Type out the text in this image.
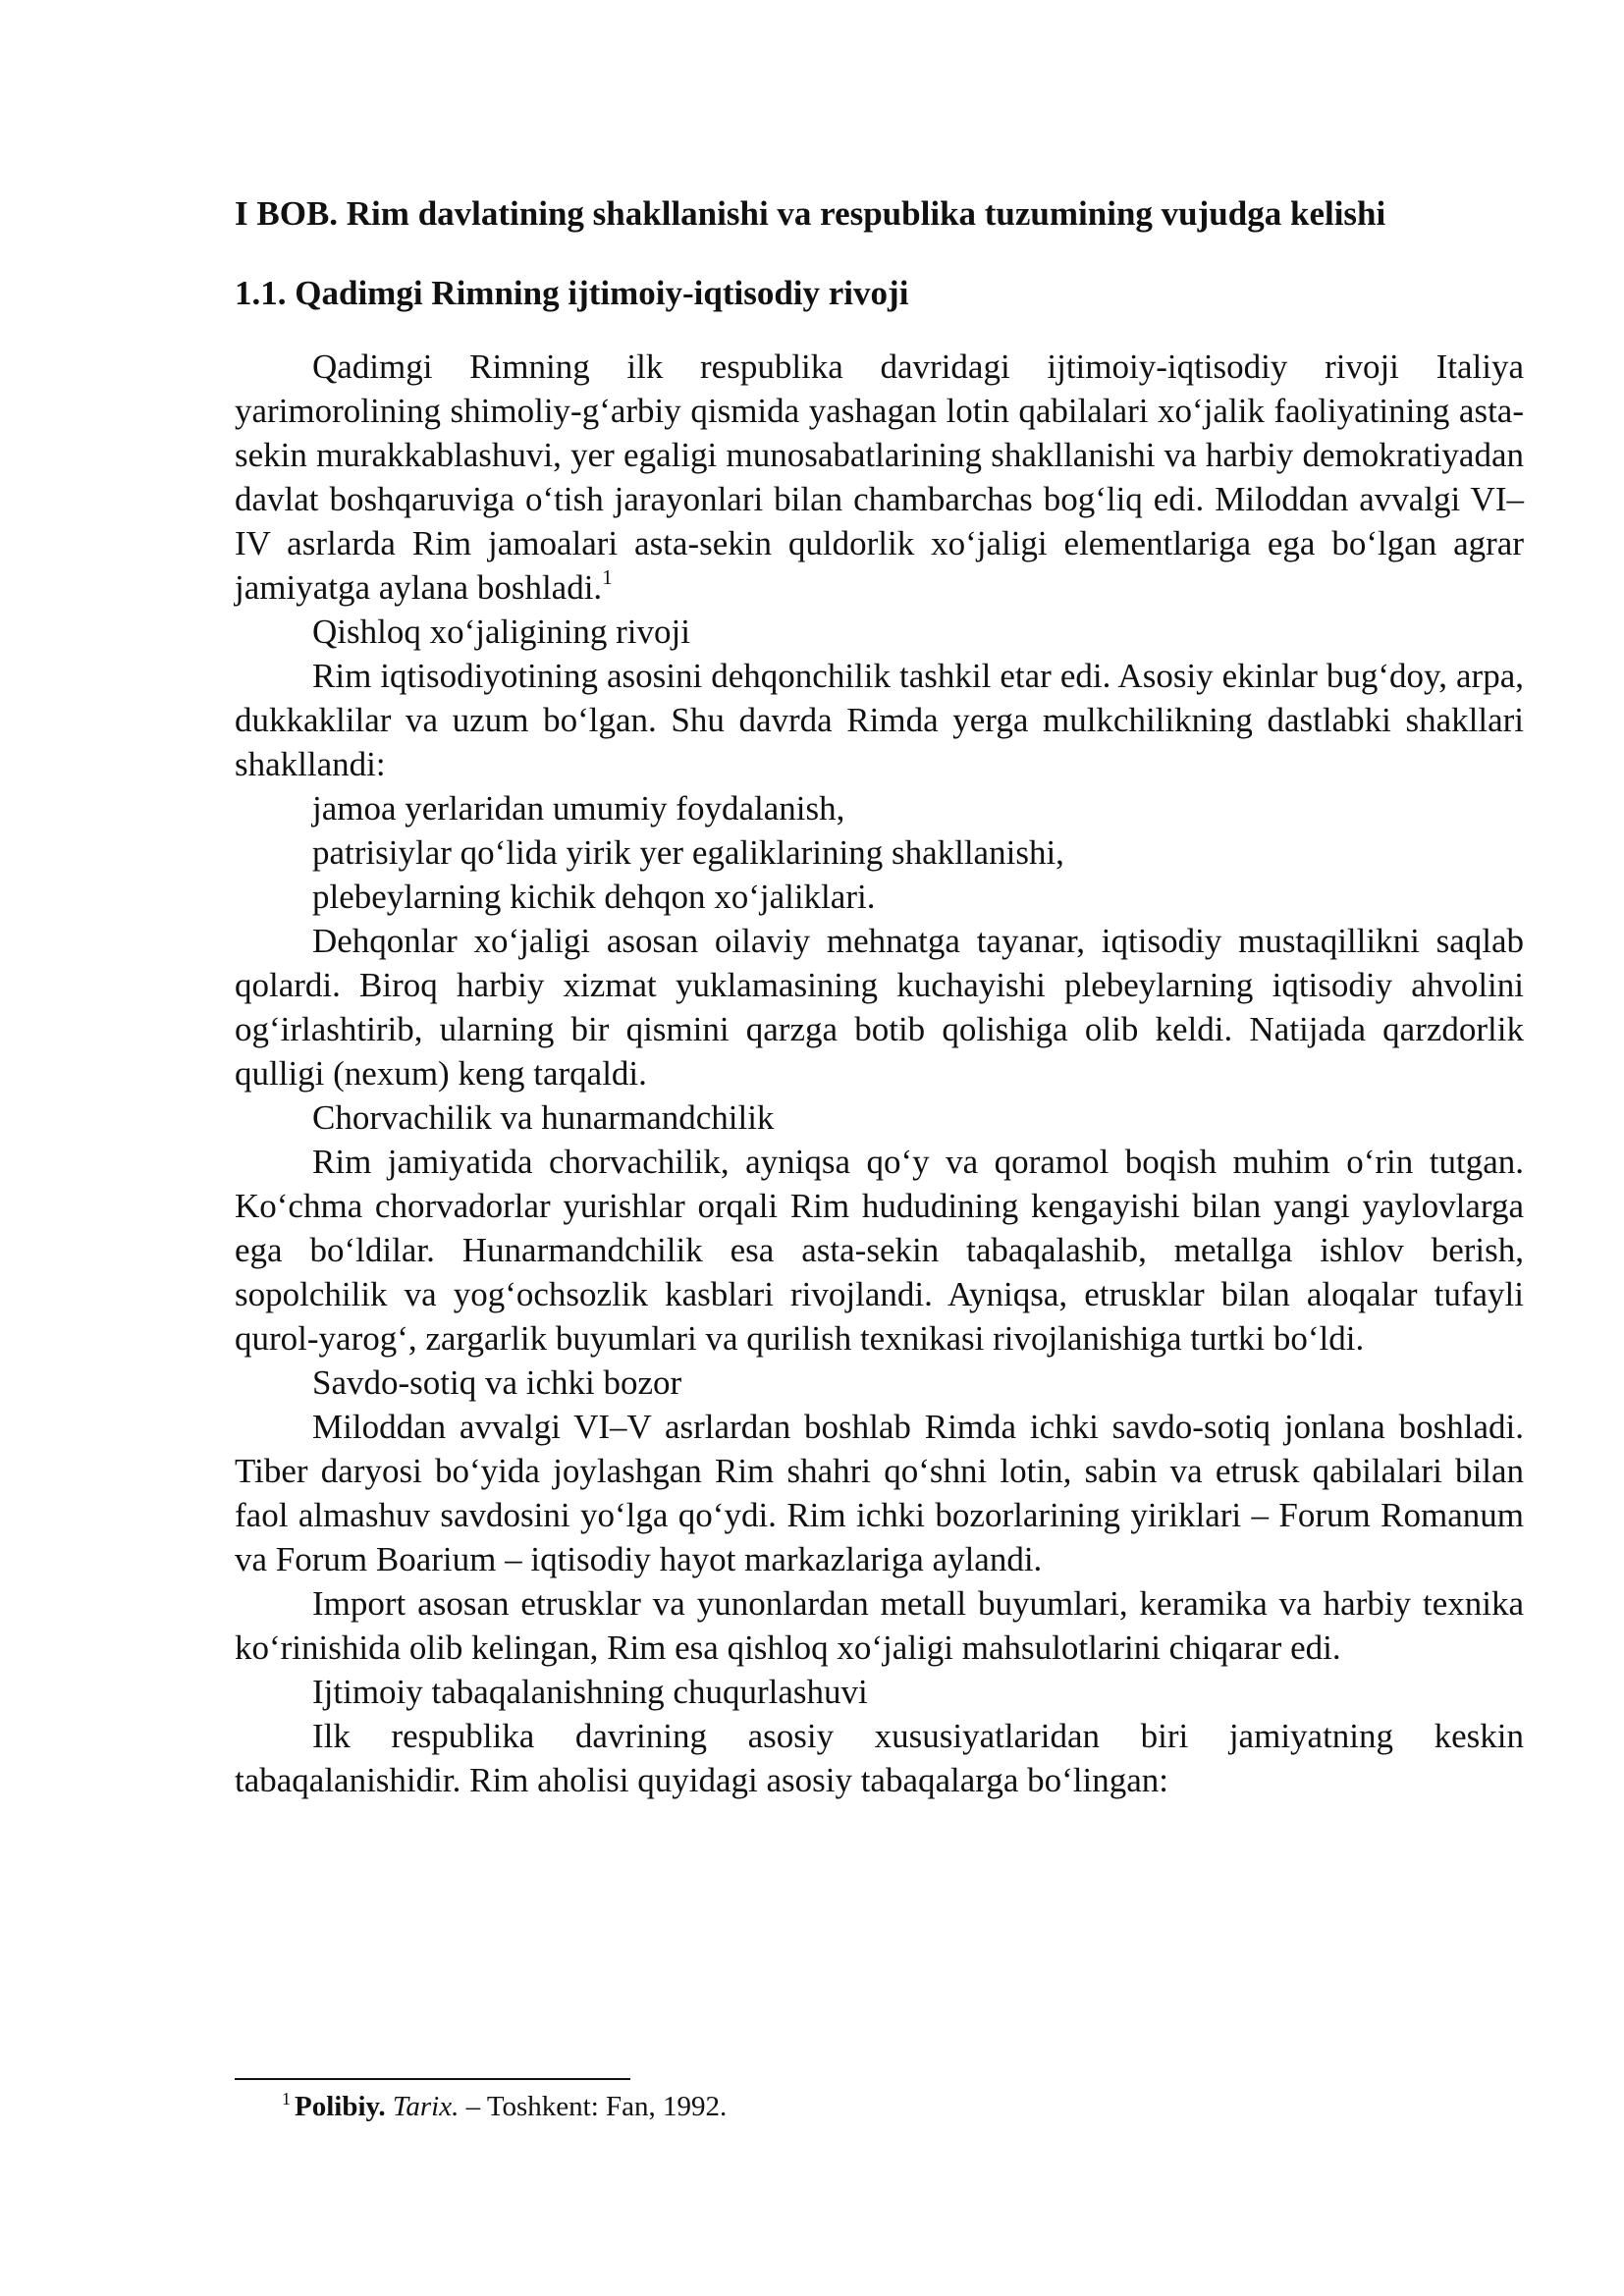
I BOB. Rim davlatining shakllanishi va respublika tuzumining vujudga kelishi

1.1. Qadimgi Rimning ijtimoiy-iqtisodiy rivoji

Qadimgi Rimning ilk respublika davridagi ijtimoiy-iqtisodiy rivoji Italiya yarimorolining shimoliy-g‘arbiy qismida yashagan lotin qabilalari xo‘jalik faoliyatining asta-sekin murakkablashuvi, yer egaligi munosabatlarining shakllanishi va harbiy demokratiyadan davlat boshqaruviga o‘tish jarayonlari bilan chambarchas bog‘liq edi. Miloddan avvalgi VI–IV asrlarda Rim jamoalari asta-sekin quldorlik xo‘jaligi elementlariga ega bo‘lgan agrar jamiyatga aylana boshladi.$^1$

Qishloq xo‘jaligining rivoji

Rim iqtisodiyotining asosini dehqonchilik tashkil etar edi. Asosiy ekinlar bug‘doy, arpa, dukkaklilar va uzum bo‘lgan. Shu davrda Rimda yerga mulkchilikning dastlabki shakllari shakllandi:

jamoa yerlaridan umumiy foydalanish,

patrisiylar qo‘lida yirik yer egaliklarining shakllanishi,

plebeylarning kichik dehqon xo‘jaliklari.

Dehqonlar xo‘jaligi asosan oilaviy mehnatga tayanar, iqtisodiy mustaqillikni saqlab qolardi. Biroq harbiy xizmat yuklamasining kuchayishi plebeylarning iqtisodiy ahvolini og‘irlashtirib, ularning bir qismini qarzga botib qolishiga olib keldi. Natijada qarzdorlik qulligi (nexum) keng tarqaldi.

Chorvachilik va hunarmandchilik

Rim jamiyatida chorvachilik, ayniqsa qo‘y va qoramol boqish muhim o‘rin tutgan. Ko‘chma chorvadorlar yurishlar orqali Rim hududining kengayishi bilan yangi yaylovlarga ega bo‘ldilar. Hunarmandchilik esa asta-sekin tabaqalashib, metallga ishlov berish, sopolchilik va yog‘ochsozlik kasblari rivojlandi. Ayniqsa, etrusklar bilan aloqalar tufayli qurol-yarog‘, zargarlik buyumlari va qurilish texnikasi rivojlanishiga turtki bo‘ldi.

Savdo-sotiq va ichki bozor

Miloddan avvalgi VI–V asrlardan boshlab Rimda ichki savdo-sotiq jonlana boshladi. Tiber daryosi bo‘yida joylashgan Rim shahri qo‘shni lotin, sabin va etrusk qabilalari bilan faol almashuv savdosini yo‘lga qo‘ydi. Rim ichki bozorlarining yiriklari – Forum Romanum va Forum Boarium – iqtisodiy hayot markazlariga aylandi.

Import asosan etrusklar va yunonlardan metall buyumlari, keramika va harbiy texnika ko‘rinishida olib kelingan, Rim esa qishloq xo‘jaligi mahsulotlarini chiqarar edi.

Ijtimoiy tabaqalanishning chuqurlashuvi

Ilk respublika davrining asosiy xususiyatlaridan biri jamiyatning keskin tabaqalanishidir. Rim aholisi quyidagi asosiy tabaqalarga bo‘lingan:

$^1$ Polibiy. Tarix. – Toshkent: Fan, 1992.
